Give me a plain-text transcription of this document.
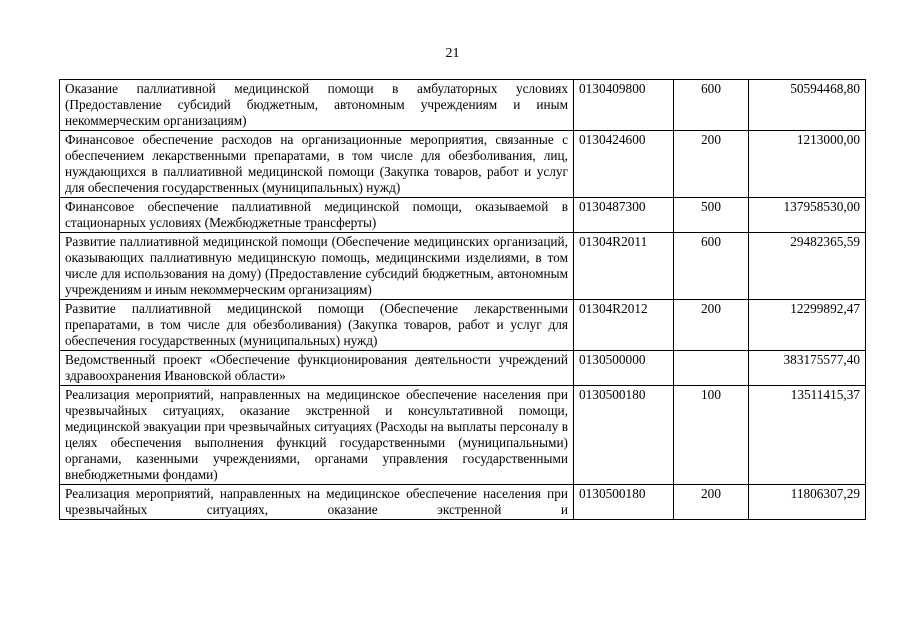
21
Оказание паллиативной медицинской помощи в амбулаторных условиях (Предоставление субсидий бюджетным, автономным учреждениям и иным некоммерческим организациям)	0130409800	600	50594468,80
Финансовое обеспечение расходов на организационные мероприятия, связанные с обеспечением лекарственными препаратами, в том числе для обезболивания, лиц, нуждающихся в паллиативной медицинской помощи (Закупка товаров, работ и услуг для обеспечения государственных (муниципальных) нужд)	0130424600	200	1213000,00
Финансовое обеспечение паллиативной медицинской помощи, оказываемой в стационарных условиях (Межбюджетные трансферты)	0130487300	500	137958530,00
Развитие паллиативной медицинской помощи (Обеспечение медицинских организаций, оказывающих паллиативную медицинскую помощь, медицинскими изделиями, в том числе для использования на дому) (Предоставление субсидий бюджетным, автономным учреждениям и иным некоммерческим организациям)	01304R2011	600	29482365,59
Развитие паллиативной медицинской помощи (Обеспечение лекарственными препаратами, в том числе для обезболивания) (Закупка товаров, работ и услуг для обеспечения государственных (муниципальных) нужд)	01304R2012	200	12299892,47
Ведомственный проект «Обеспечение функционирования деятельности учреждений здравоохранения Ивановской области»	0130500000		383175577,40
Реализация мероприятий, направленных на медицинское обеспечение населения при чрезвычайных ситуациях, оказание экстренной и консультативной помощи, медицинской эвакуации при чрезвычайных ситуациях (Расходы на выплаты персоналу в целях обеспечения выполнения функций государственными (муниципальными) органами, казенными учреждениями, органами управления государственными внебюджетными фондами)	0130500180	100	13511415,37
Реализация мероприятий, направленных на медицинское обеспечение населения при чрезвычайных ситуациях, оказание экстренной и	0130500180	200	11806307,29
